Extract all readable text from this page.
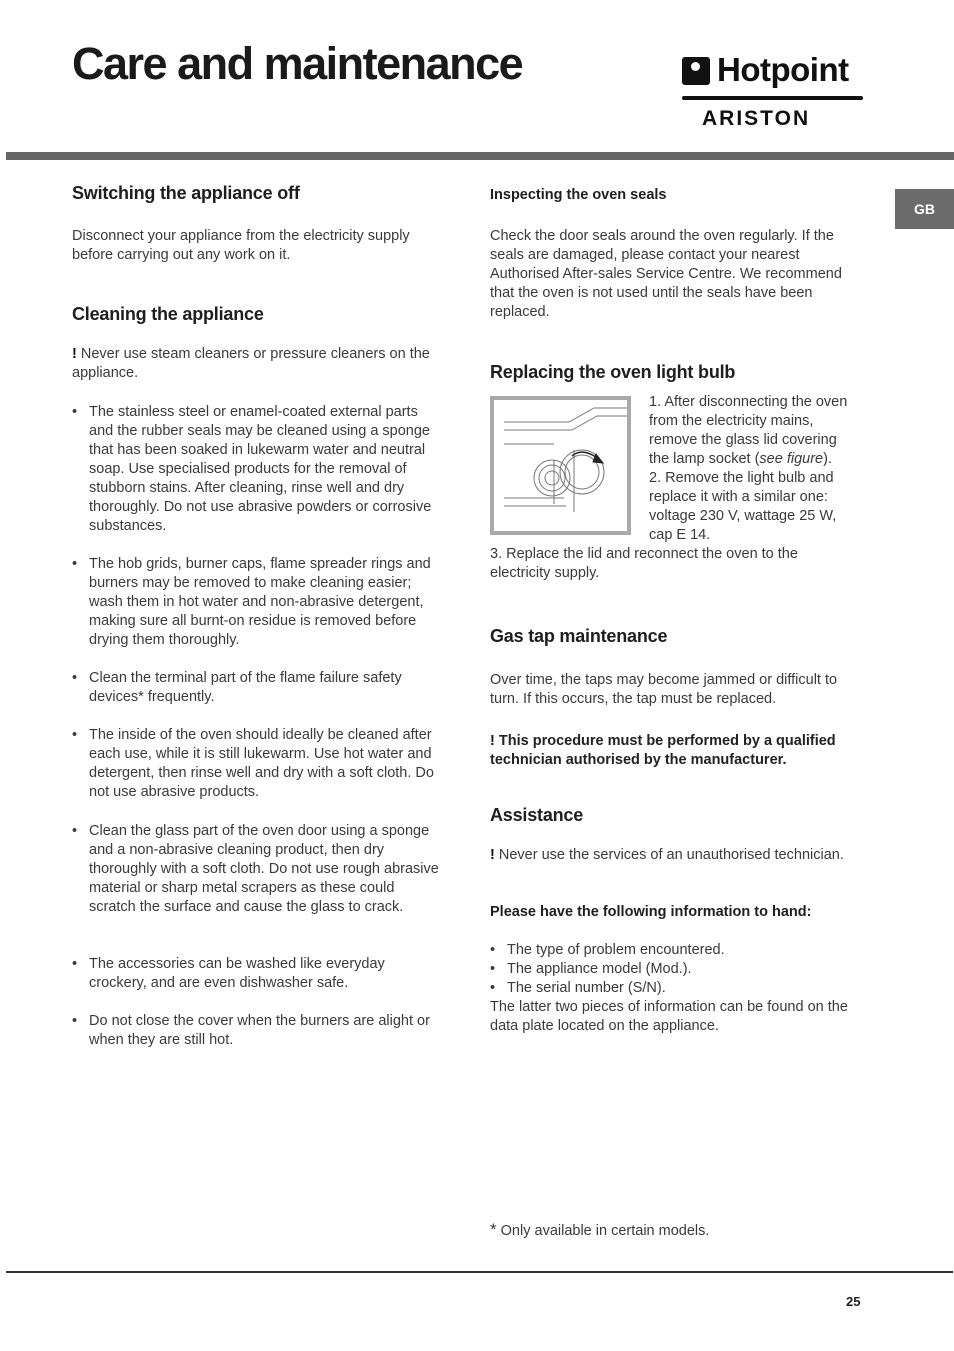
Care and maintenance	Hotpoint
ARISTON
GB
Switching the appliance off

Disconnect your appliance from the electricity supply before carrying out any work on it.

Cleaning the appliance

! Never use steam cleaners or pressure cleaners on the appliance.

• The stainless steel or enamel-coated external parts and the rubber seals may be cleaned using a sponge that has been soaked in lukewarm water and neutral soap. Use specialised products for the removal of stubborn stains. After cleaning, rinse well and dry thoroughly. Do not use abrasive powders or corrosive substances.
• The hob grids, burner caps, flame spreader rings and burners may be removed to make cleaning easier; wash them in hot water and non-abrasive detergent, making sure all burnt-on residue is removed before drying them thoroughly.
• Clean the terminal part of the flame failure safety devices* frequently.
• The inside of the oven should ideally be cleaned after each use, while it is still lukewarm. Use hot water and detergent, then rinse well and dry with a soft cloth. Do not use abrasive products.
• Clean the glass part of the oven door using a sponge and a non-abrasive cleaning product, then dry thoroughly with a soft cloth. Do not use rough abrasive material or sharp metal scrapers as these could scratch the surface and cause the glass to crack.
• The accessories can be washed like everyday crockery, and are even dishwasher safe.
• Do not close the cover when the burners are alight or when they are still hot.
Inspecting the oven seals

Check the door seals around the oven regularly. If the seals are damaged, please contact your nearest Authorised After-sales Service Centre. We recommend that the oven is not used until the seals have been replaced.

Replacing the oven light bulb

1. After disconnecting the oven from the electricity mains, remove the glass lid covering the lamp socket (see figure).
2. Remove the light bulb and replace it with a similar one: voltage 230 V, wattage 25 W, cap E 14.

3. Replace the lid and reconnect the oven to the electricity supply.

Gas tap maintenance

Over time, the taps may become jammed or difficult to turn. If this occurs, the tap must be replaced.

! This procedure must be performed by a qualified technician authorised by the manufacturer.

Assistance

! Never use the services of an unauthorised technician.

Please have the following information to hand:
• The type of problem encountered.
• The appliance model (Mod.).
• The serial number (S/N).

The latter two pieces of information can be found on the data plate located on the appliance.

* Only available in certain models.

25
